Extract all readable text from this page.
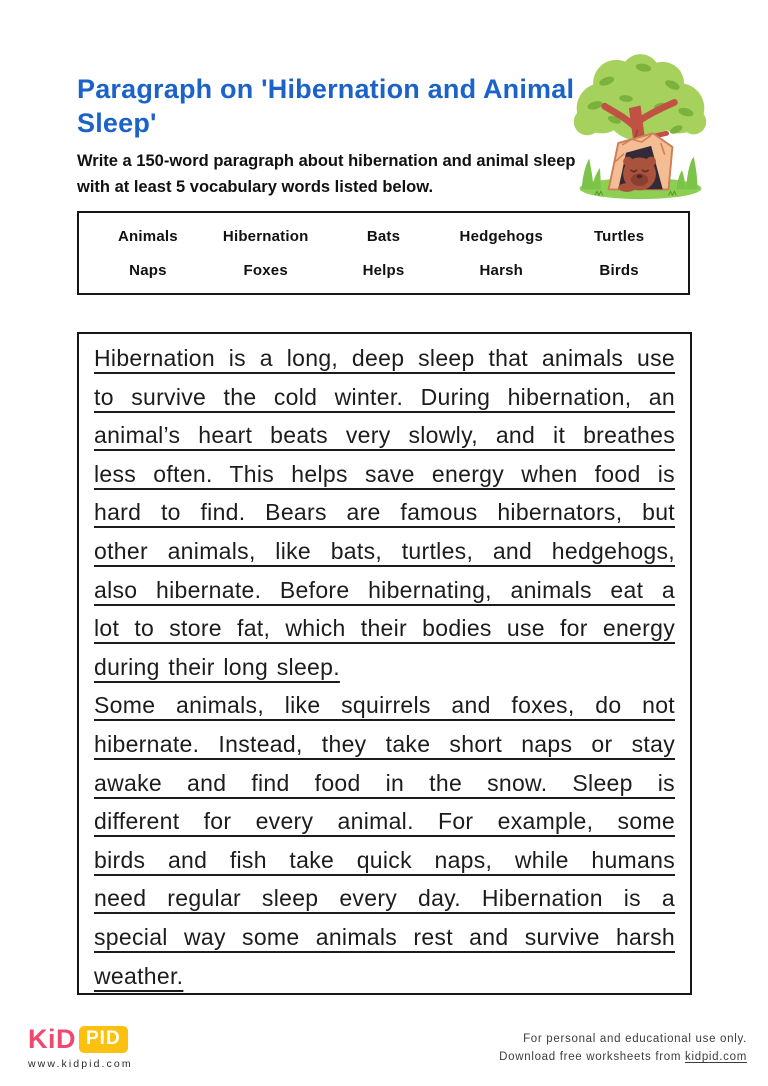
Paragraph on 'Hibernation and Animal Sleep'

Write a 150-word paragraph about hibernation and animal sleep with at least 5 vocabulary words listed below.

Animals	Hibernation	Bats	Hedgehogs	Turtles
Naps	Foxes	Helps	Harsh	Birds
Hibernation is a long, deep sleep that animals use
to survive the cold winter. During hibernation, an
animal’s heart beats very slowly, and it breathes
less often. This helps save energy when food is
hard to find. Bears are famous hibernators, but
other animals, like bats, turtles, and hedgehogs,
also hibernate. Before hibernating, animals eat a
lot to store fat, which their bodies use for energy
during their long sleep.
Some animals, like squirrels and foxes, do not
hibernate. Instead, they take short naps or stay
awake and find food in the snow. Sleep is
different for every animal. For example, some
birds and fish take quick naps, while humans
need regular sleep every day. Hibernation is a
special way some animals rest and survive harsh
weather.
KiD PID
www.kidpid.com
For personal and educational use only.
Download free worksheets from kidpid.com
